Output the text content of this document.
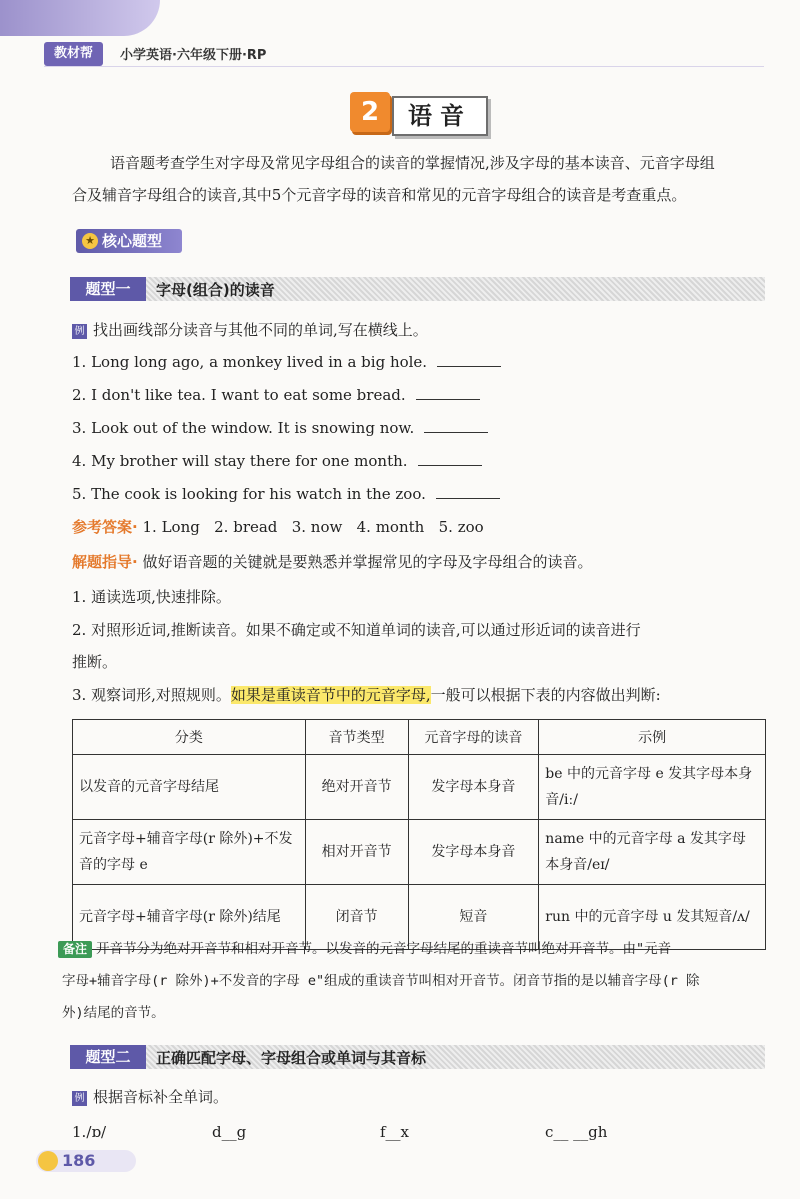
教材帮	小学英语·六年级下册·RP
2	语音
语音题考查学生对字母及常见字母组合的读音的掌握情况,涉及字母的基本读音、元音字母组
合及辅音字母组合的读音,其中5个元音字母的读音和常见的元音字母组合的读音是考查重点。
★ 核心题型
题型一	字母(组合)的读音
例 找出画线部分读音与其他不同的单词,写在横线上。
1. Long long ago, a monkey lived in a big hole.
2. I don't like tea. I want to eat some bread.
3. Look out of the window. It is snowing now.
4. My brother will stay there for one month.
5. The cook is looking for his watch in the zoo.
参考答案· 1. Long   2. bread   3. now   4. month   5. zoo
解题指导· 做好语音题的关键就是要熟悉并掌握常见的字母及字母组合的读音。
1. 通读选项,快速排除。
2. 对照形近词,推断读音。如果不确定或不知道单词的读音,可以通过形近词的读音进行
推断。
3. 观察词形,对照规则。如果是重读音节中的元音字母,一般可以根据下表的内容做出判断:
分类	音节类型	元音字母的读音	示例
以发音的元音字母结尾	绝对开音节	发字母本身音	be 中的元音字母 e 发其字母本身音/iː/
元音字母+辅音字母(r 除外)+不发音的字母 e	相对开音节	发字母本身音	name 中的元音字母 a 发其字母本身音/eɪ/
元音字母+辅音字母(r 除外)结尾	闭音节	短音	run 中的元音字母 u 发其短音/ʌ/
备注 开音节分为绝对开音节和相对开音节。以发音的元音字母结尾的重读音节叫绝对开音节。由"元音
字母+辅音字母(r 除外)+不发音的字母 e"组成的重读音节叫相对开音节。闭音节指的是以辅音字母(r 除
外)结尾的音节。
题型二	正确匹配字母、字母组合或单词与其音标
例 根据音标补全单词。
1./ɒ/	d__g	f__x	c__ __gh
186
